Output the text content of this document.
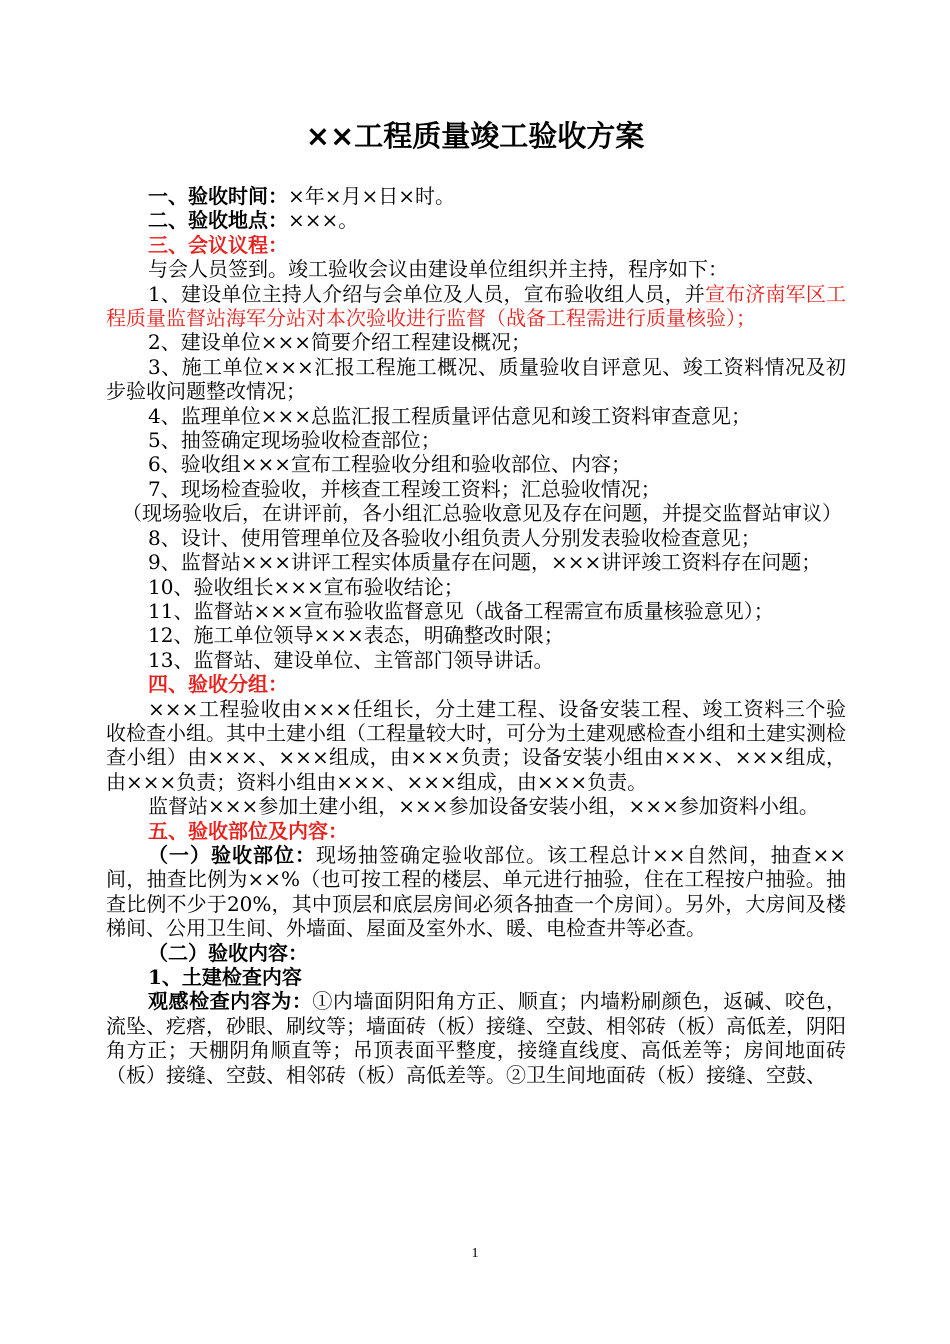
××工程质量竣工验收方案

一、验收时间：×年×月×日×时。

二、验收地点：×××。

三、会议议程：

与会人员签到。竣工验收会议由建设单位组织并主持，程序如下：

1、建设单位主持人介绍与会单位及人员，宣布验收组人员，并宣布济南军区工程质量监督站海军分站对本次验收进行监督（战备工程需进行质量核验）；

2、建设单位×××简要介绍工程建设概况；

3、施工单位×××汇报工程施工概况、质量验收自评意见、竣工资料情况及初步验收问题整改情况；

4、监理单位×××总监汇报工程质量评估意见和竣工资料审查意见；

5、抽签确定现场验收检查部位；

6、验收组×××宣布工程验收分组和验收部位、内容；

7、现场检查验收，并核查工程竣工资料；汇总验收情况；

（现场验收后，在讲评前，各小组汇总验收意见及存在问题，并提交监督站审议）

8、设计、使用管理单位及各验收小组负责人分别发表验收检查意见；

9、监督站×××讲评工程实体质量存在问题，×××讲评竣工资料存在问题；

10、验收组长×××宣布验收结论；

11、监督站×××宣布验收监督意见（战备工程需宣布质量核验意见）；

12、施工单位领导×××表态，明确整改时限；

13、监督站、建设单位、主管部门领导讲话。

四、验收分组：

×××工程验收由×××任组长，分土建工程、设备安装工程、竣工资料三个验收检查小组。其中土建小组（工程量较大时，可分为土建观感检查小组和土建实测检查小组）由×××、×××组成，由×××负责；设备安装小组由×××、×××组成，由×××负责；资料小组由×××、×××组成，由×××负责。

监督站×××参加土建小组，×××参加设备安装小组，×××参加资料小组。

五、验收部位及内容：

（一）验收部位：现场抽签确定验收部位。该工程总计××自然间，抽查××间，抽查比例为××%（也可按工程的楼层、单元进行抽验，住在工程按户抽验。抽查比例不少于20%，其中顶层和底层房间必须各抽查一个房间）。另外，大房间及楼梯间、公用卫生间、外墙面、屋面及室外水、暖、电检查井等必查。

（二）验收内容：

1、土建检查内容

观感检查内容为：①内墙面阴阳角方正、顺直；内墙粉刷颜色，返碱、咬色，流坠、疙瘩，砂眼、刷纹等；墙面砖（板）接缝、空鼓、相邻砖（板）高低差，阴阳角方正；天棚阴角顺直等；吊顶表面平整度，接缝直线度、高低差等；房间地面砖（板）接缝、空鼓、相邻砖（板）高低差等。②卫生间地面砖（板）接缝、空鼓、

1
